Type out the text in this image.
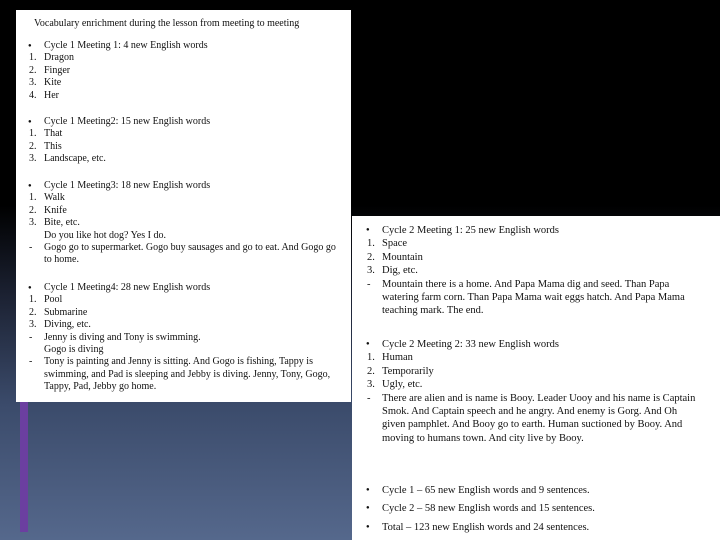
Vocabulary enrichment during the lesson from meeting to meeting
● Cycle 1 Meeting 1: 4 new English words
1. Dragon
2. Finger
3. Kite
4. Her
● Cycle 1 Meeting2: 15 new English words
1. That
2. This
3. Landscape, etc.
● Cycle 1 Meeting3: 18 new English words
1. Walk
2. Knife
3. Bite, etc.
Do you like hot dog? Yes I do.
- Gogo go to supermarket. Gogo buy sausages and go to eat. And Gogo go
to home.
● Cycle 1 Meeting4: 28 new English words
1. Pool
2. Submarine
3. Diving, etc.
- Jenny is diving and Tony is swimming.
Gogo is diving
- Tony is painting and Jenny is sitting. And Gogo is fishing, Tappy is
swimming, and Pad is sleeping and Jebby is diving. Jenny, Tony, Gogo,
Tappy, Pad, Jebby go home.
● Cycle 2 Meeting 1: 25 new English words
1. Space
2. Mountain
3. Dig, etc.
- Mountain there is a home. And Papa Mama dig and seed. Than Papa
watering farm corn. Than Papa Mama wait eggs hatch. And Papa Mama
teaching mark. The end.
● Cycle 2 Meeting 2: 33 new English words
1. Human
2. Temporarily
3. Ugly, etc.
- There are alien and is name is Booy. Leader Uooy and his name is Captain
Smok. And Captain speech and he angry. And enemy is Gorg. And Oh
given pamphlet. And Booy go to earth. Human suctioned by Booy. And
moving to humans town. And city live by Booy.
● Cycle 1 – 65 new English words and 9 sentences.
● Cycle 2 – 58 new English words and 15 sentences.
● Total – 123 new English words and 24 sentences.
